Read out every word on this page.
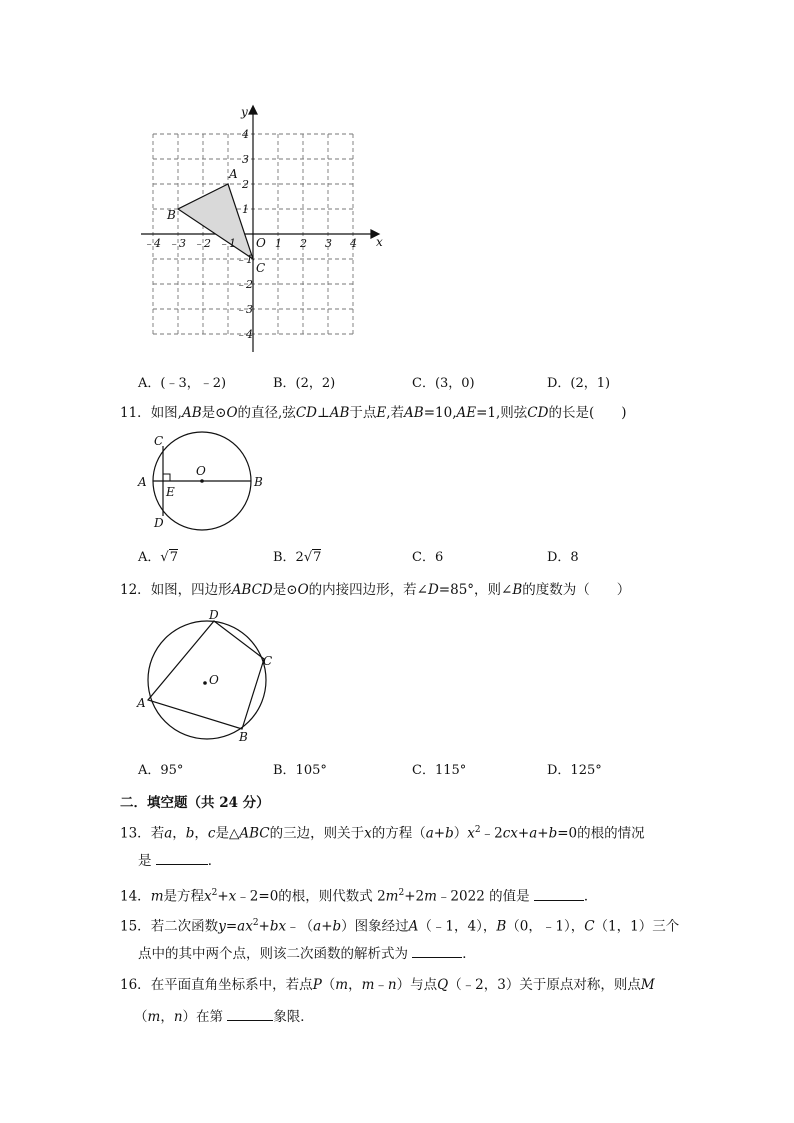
﹣4 ﹣3 ﹣2 ﹣1	1 2 3 4
4
3
2
1
﹣1
﹣2
﹣3
﹣4
O	x
y
A
B
C
A．(﹣3，﹣2)	B．(2，2)	C．(3，0)	D．(2，1)
11．如图,AB是⊙O的直径,弦CD⊥AB于点E,若AB=10,AE=1,则弦CD的长是(　　)
A	B
C
D
E
O
A．√7	B．2√7	C．6	D．8
12．如图，四边形ABCD是⊙O的内接四边形，若∠D=85°，则∠B的度数为（　　）
D
C
B
A
O
A．95°	B．105°	C．115°	D．125°
二．填空题（共 24 分）
13．若a，b，c是△ABC的三边，则关于x的方程$(a+b)x^2﹣2cx+a+b=0$的根的情况
是	．
14．m是方程$x^2+x﹣2=0$的根，则代数式 $2m^2+2m﹣2022$ 的值是	．
15．若二次函数$y=ax^2+bx﹣(a+b)$图象经过A（﹣1，4），B（0，﹣1），C（1，1）三个
点中的其中两个点，则该二次函数的解析式为	．
16．在平面直角坐标系中，若点P（m，m﹣n）与点Q（﹣2，3）关于原点对称，则点M
（m，n）在第	象限．
